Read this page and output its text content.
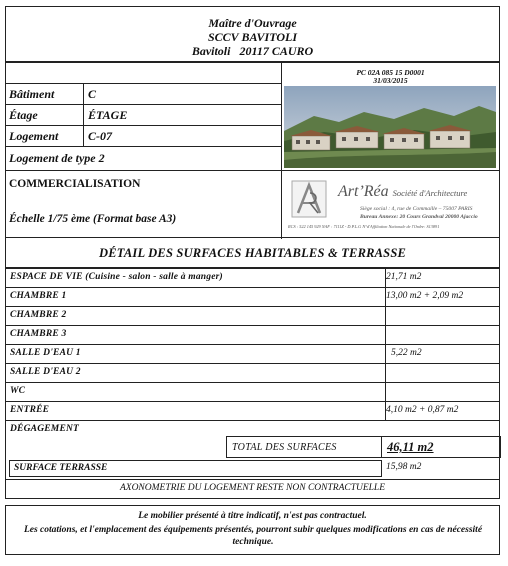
Maître d'Ouvrage
SCCV BAVITOLI
Bavitoli   20117 CAURO
Bâtiment	C
Étage	ÉTAGE
Logement C-07
Logement de type 2
COMMERCIALISATION
Échelle 1/75 ème (Format base A3)
PC 02A 085 15 D0001
31/03/2015
Art’Réa Société d'Architecture
Siège social : 4, rue de Commaille – 75007 PARIS
Bureau Annexe: 20 Cours Grandval 20000 Ajaccio
RCS : 522 145 929 NAF : 7111Z - D.P.L.G N°d'Affiliation Nationale de l'Ordre: S13891
DÉTAIL DES SURFACES HABITABLES & TERRASSE
ESPACE DE VIE (Cuisine - salon - salle à manger)	21,71 m2
CHAMBRE 1	13,00 m2 + 2,09 m2
CHAMBRE 2
CHAMBRE 3
SALLE D'EAU 1	5,22 m2
SALLE D'EAU 2
WC
ENTRÉE	4,10 m2 + 0,87 m2
DÉGAGEMENT
TOTAL DES SURFACES	46,11 m2
SURFACE TERRASSE	15,98 m2
AXONOMETRIE DU LOGEMENT RESTE NON CONTRACTUELLE
Le mobilier présenté à titre indicatif, n'est pas contractuel.
Les cotations, et l'emplacement des équipements présentés, pourront subir quelques modifications en cas de nécessité technique.
